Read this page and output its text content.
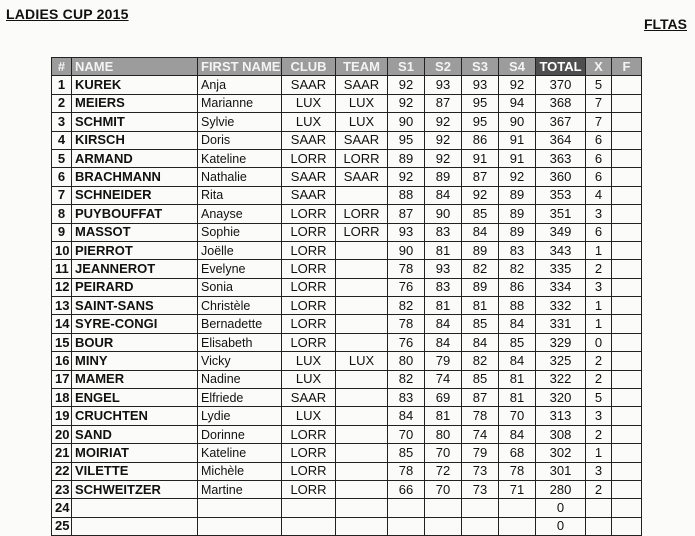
LADIES CUP 2015
FLTAS
#	NAME	FIRST NAME	CLUB	TEAM	S1	S2	S3	S4	TOTAL	X	F
1	KUREK	Anja	SAAR	SAAR	92	93	93	92	370	5	
2	MEIERS	Marianne	LUX	LUX	92	87	95	94	368	7	
3	SCHMIT	Sylvie	LUX	LUX	90	92	95	90	367	7	
4	KIRSCH	Doris	SAAR	SAAR	95	92	86	91	364	6	
5	ARMAND	Kateline	LORR	LORR	89	92	91	91	363	6	
6	BRACHMANN	Nathalie	SAAR	SAAR	92	89	87	92	360	6	
7	SCHNEIDER	Rita	SAAR		88	84	92	89	353	4	
8	PUYBOUFFAT	Anayse	LORR	LORR	87	90	85	89	351	3	
9	MASSOT	Sophie	LORR	LORR	93	83	84	89	349	6	
10	PIERROT	Joëlle	LORR		90	81	89	83	343	1	
11	JEANNEROT	Evelyne	LORR		78	93	82	82	335	2	
12	PEIRARD	Sonia	LORR		76	83	89	86	334	3	
13	SAINT-SANS	Christèle	LORR		82	81	81	88	332	1	
14	SYRE-CONGI	Bernadette	LORR		78	84	85	84	331	1	
15	BOUR	Elisabeth	LORR		76	84	84	85	329	0	
16	MINY	Vicky	LUX	LUX	80	79	82	84	325	2	
17	MAMER	Nadine	LUX		82	74	85	81	322	2	
18	ENGEL	Elfriede	SAAR		83	69	87	81	320	5	
19	CRUCHTEN	Lydie	LUX		84	81	78	70	313	3	
20	SAND	Dorinne	LORR		70	80	74	84	308	2	
21	MOIRIAT	Kateline	LORR		85	70	79	68	302	1	
22	VILETTE	Michèle	LORR		78	72	73	78	301	3	
23	SCHWEITZER	Martine	LORR		66	70	73	71	280	2	
24									0		
25									0		
